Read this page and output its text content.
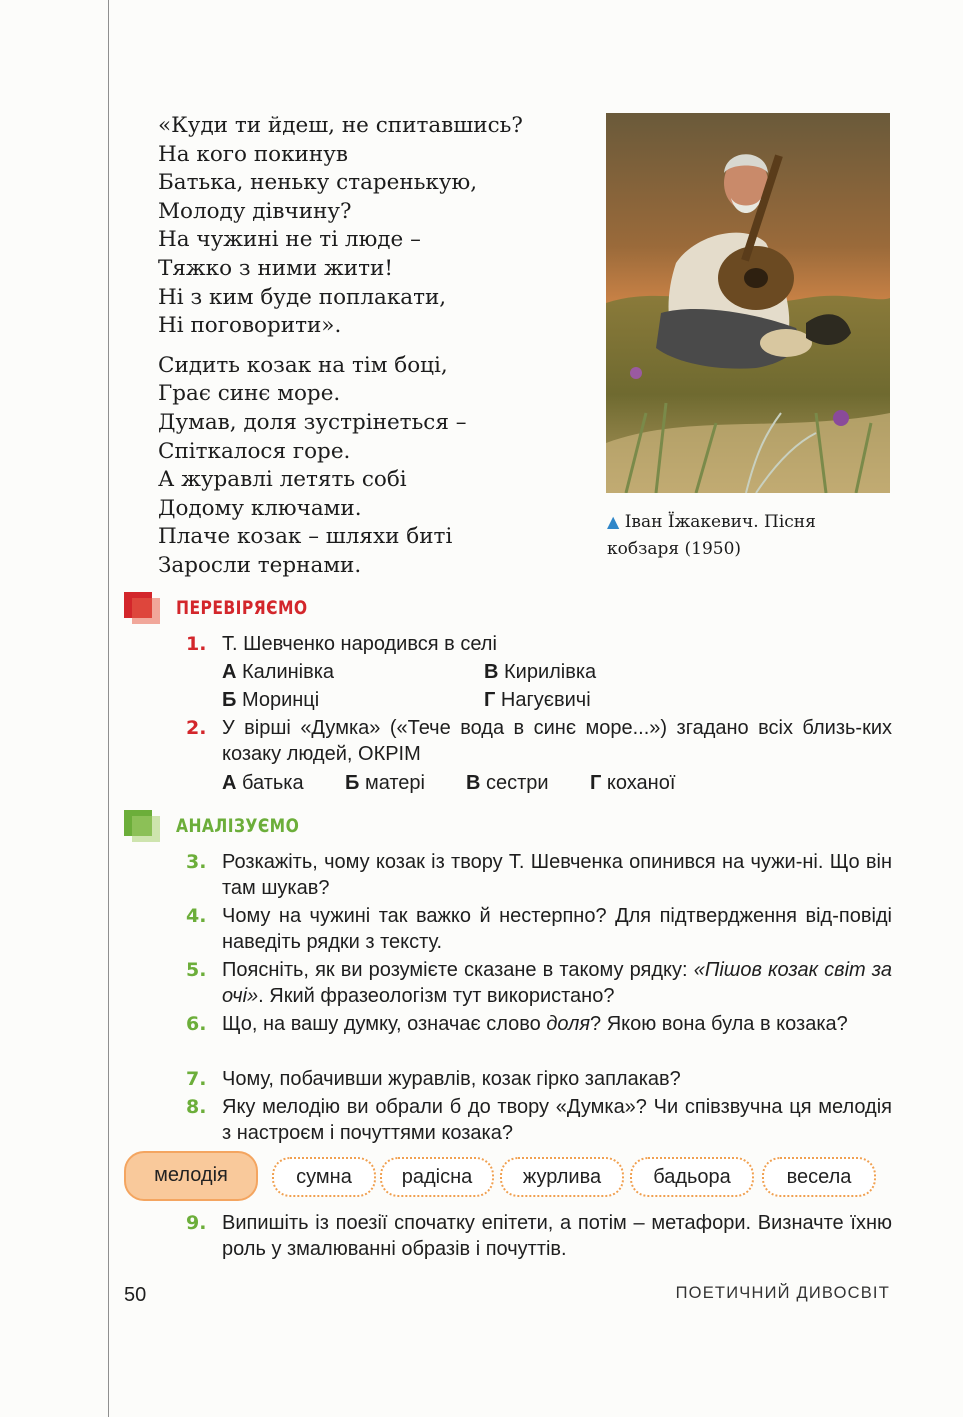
«Куди ти йдеш, не спитавшись?
На кого покинув
Батька, неньку старенькую,
Молоду дівчину?
На чужині не ті люде –
Тяжко з ними жити!
Ні з ким буде поплакати,
Ні поговорити».
Сидить козак на тім боці,
Грає синє море.
Думав, доля зустрінеться –
Спіткалося горе.
А журавлі летять собі
Додому ключами.
Плаче козак – шляхи биті
Заросли тернами.
▲ Іван Їжакевич. Пісня
кобзаря (1950)
ПЕРЕВІРЯЄМО
1. Т. Шевченко народився в селі
А Калинівка	В Кирилівка
Б Моринці	Г Нагуєвичі
2. У вірші «Думка» («Тече вода в синє море...») згадано всіх близь-ких козаку людей, ОКРІМ
А батька Б матері В сестри Г коханої
АНАЛІЗУЄМО
3. Розкажіть, чому козак із твору Т. Шевченка опинився на чужи-ні. Що він там шукав?
4. Чому на чужині так важко й нестерпно? Для підтвердження від-повіді наведіть рядки з тексту.
5. Поясніть, як ви розумієте сказане в такому рядку: «Пішов козак світ за очі». Який фразеологізм тут використано?
6. Що, на вашу думку, означає слово доля? Якою вона була в козака?
7. Чому, побачивши журавлів, козак гірко заплакав?
8. Яку мелодію ви обрали б до твору «Думка»? Чи співзвучна ця мелодія з настроєм і почуттями козака?
мелодія	сумна	радісна	журлива	бадьора	весела
9. Випишіть із поезії спочатку епітети, а потім – метафори. Визначте їхню роль у змалюванні образів і почуттів.
50	ПОЕТИЧНИЙ ДИВОСВІТ
